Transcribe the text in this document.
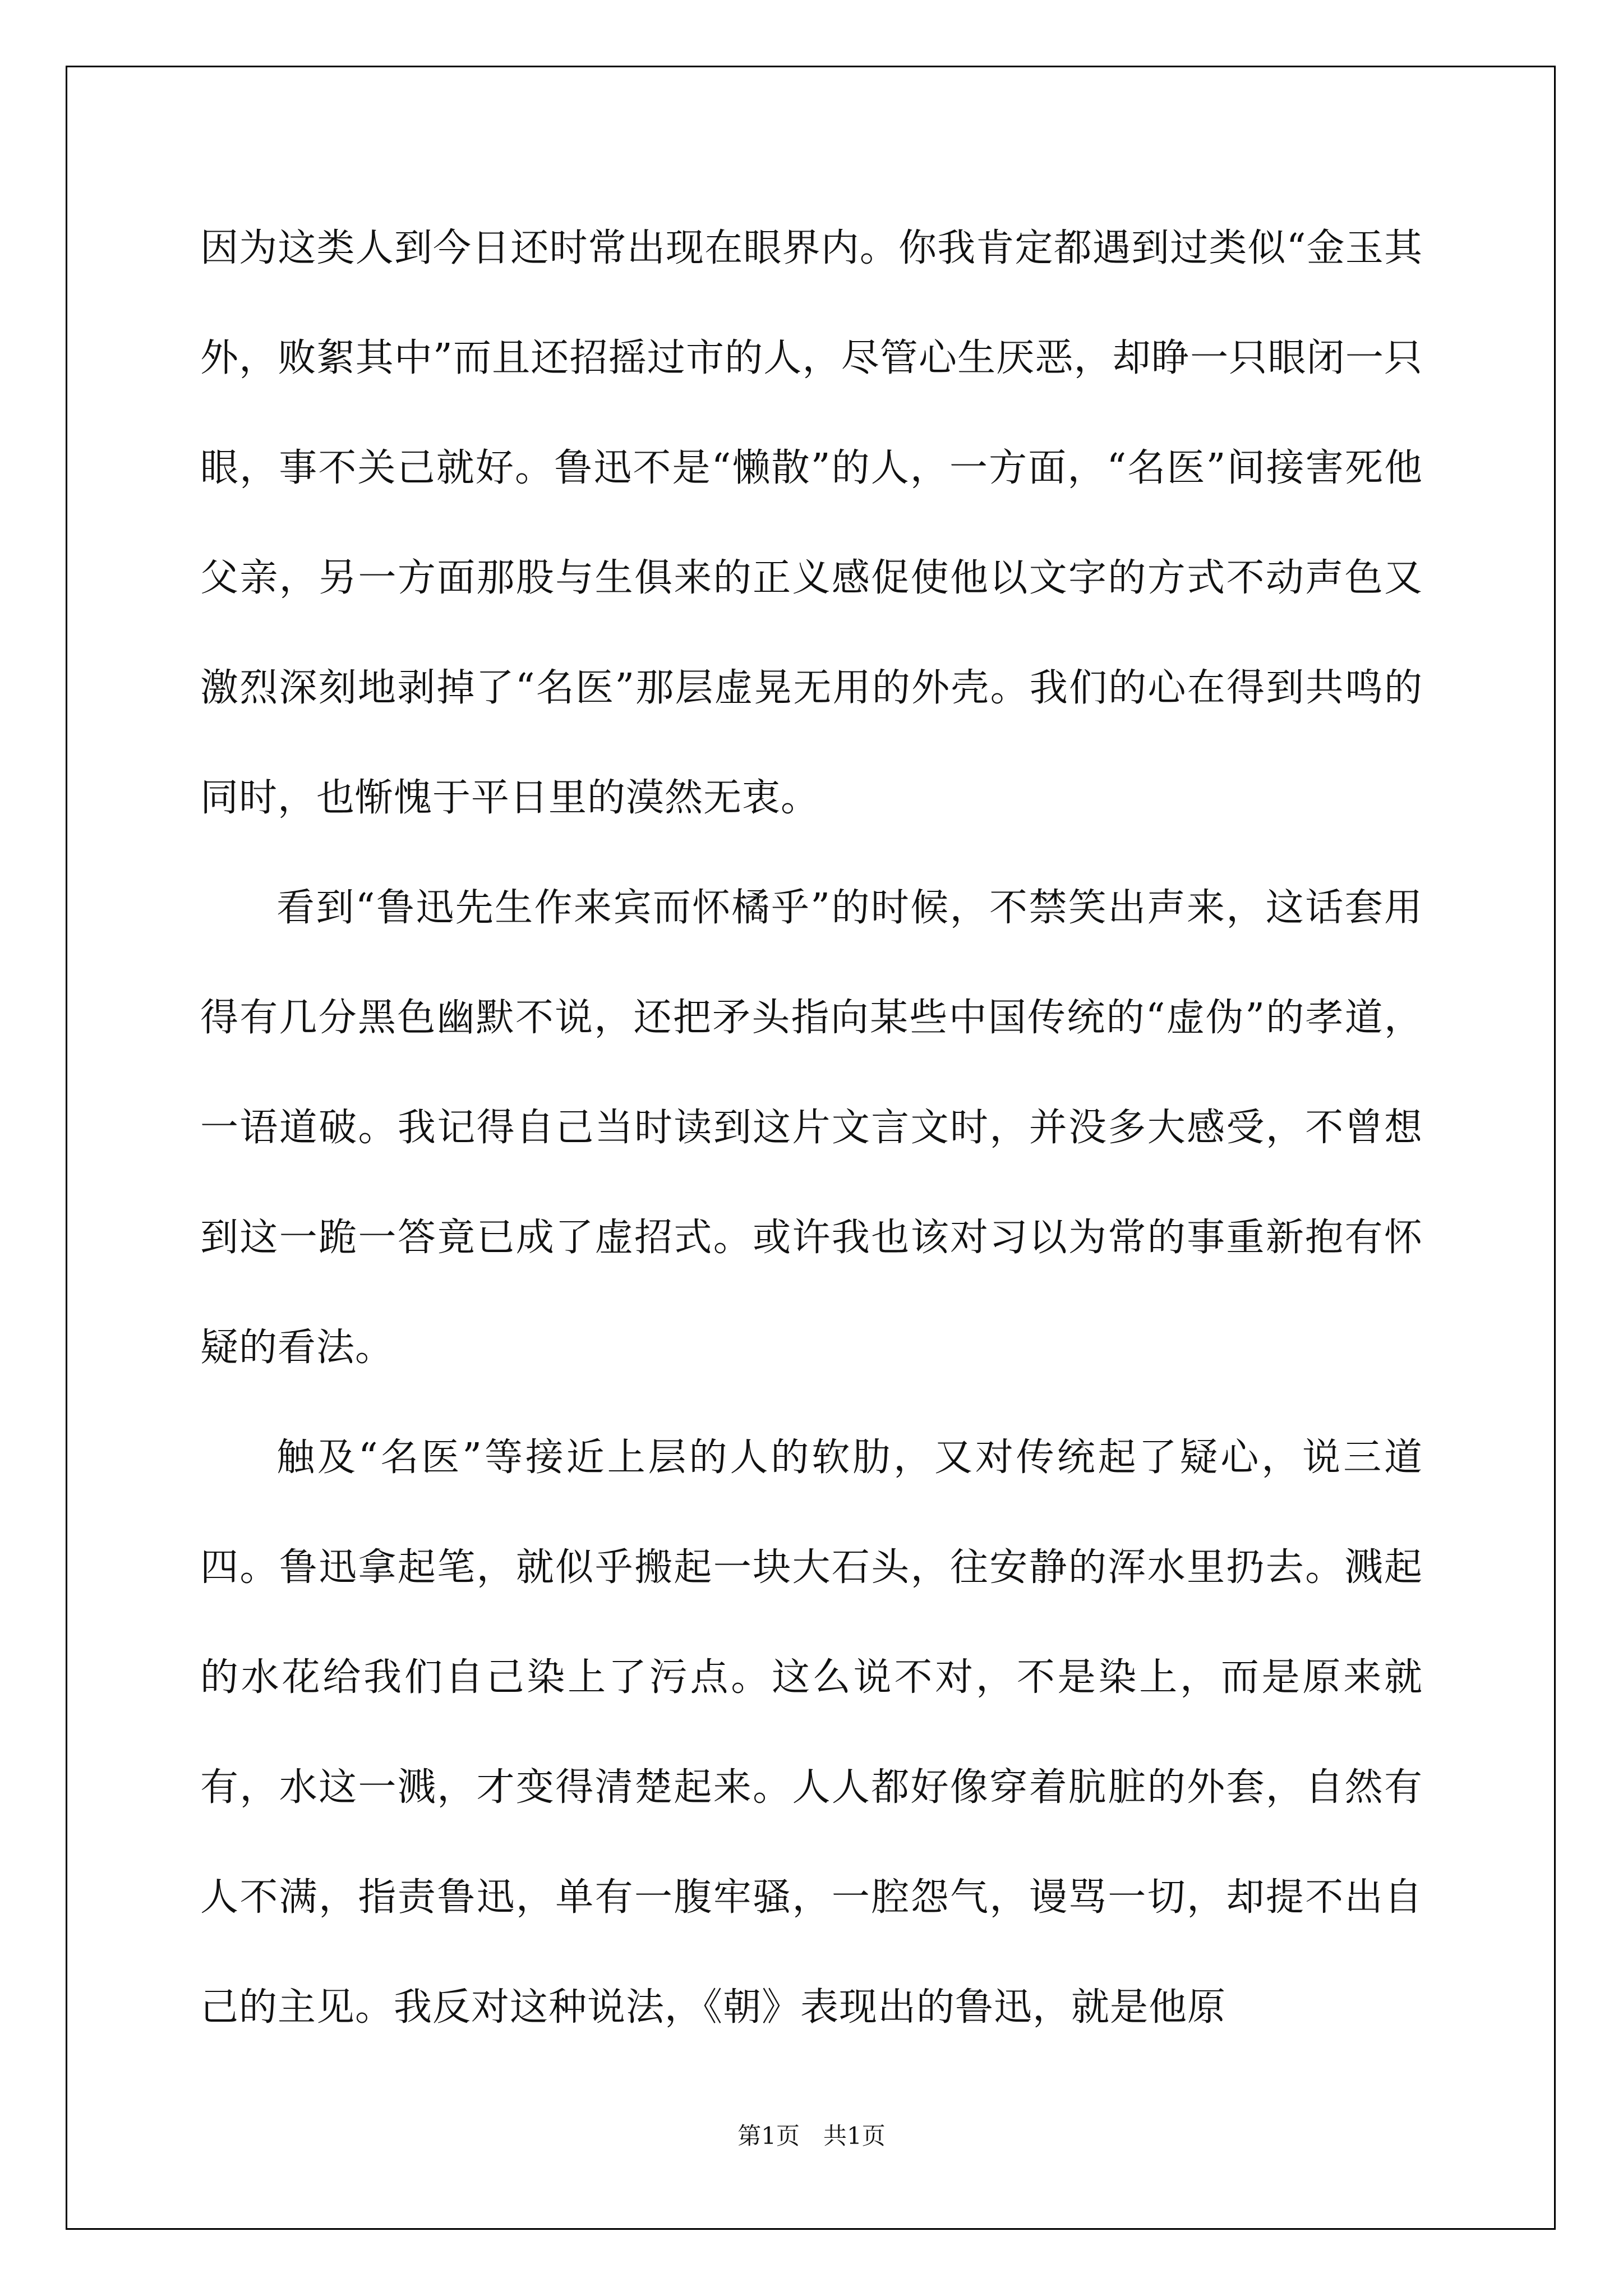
因为这类人到今日还时常出现在眼界内。你我肯定都遇到过类似“金玉其外，败絮其中”而且还招摇过市的人，尽管心生厌恶，却睁一只眼闭一只眼，事不关己就好。鲁迅不是“懒散”的人，一方面，“名医”间接害死他父亲，另一方面那股与生俱来的正义感促使他以文字的方式不动声色又激烈深刻地剥掉了“名医”那层虚晃无用的外壳。我们的心在得到共鸣的同时，也惭愧于平日里的漠然无衷。

看到“鲁迅先生作来宾而怀橘乎”的时候，不禁笑出声来，这话套用得有几分黑色幽默不说，还把矛头指向某些中国传统的“虚伪”的孝道，一语道破。我记得自己当时读到这片文言文时，并没多大感受，不曾想到这一跪一答竟已成了虚招式。或许我也该对习以为常的事重新抱有怀疑的看法。

触及“名医”等接近上层的人的软肋，又对传统起了疑心，说三道四。鲁迅拿起笔，就似乎搬起一块大石头，往安静的浑水里扔去。溅起的水花给我们自己染上了污点。这么说不对，不是染上，而是原来就有，水这一溅，才变得清楚起来。人人都好像穿着肮脏的外套，自然有人不满，指责鲁迅，单有一腹牢骚，一腔怨气，谩骂一切，却提不出自己的主见。我反对这种说法，《朝》表现出的鲁迅，就是他原

第1页　共1页
